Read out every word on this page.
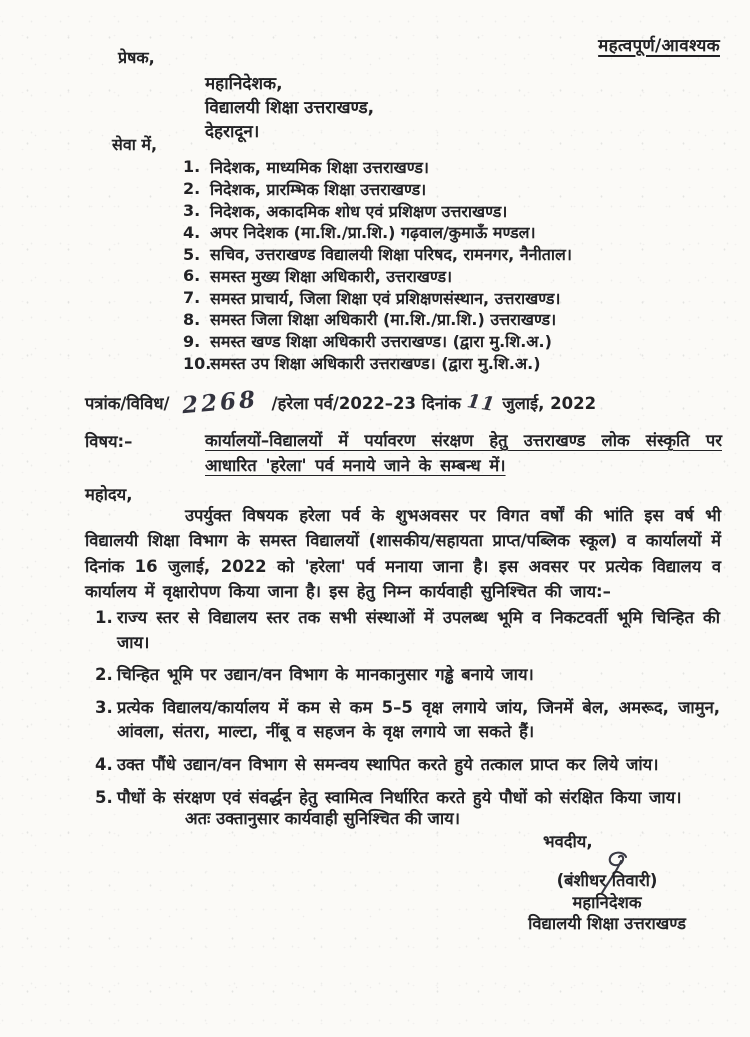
महत्वपूर्ण/आवश्यक
प्रेषक,
महानिदेशक,
विद्यालयी शिक्षा उत्तराखण्ड,
देहरादून।
सेवा में,
1. निदेशक, माध्यमिक शिक्षा उत्तराखण्ड।
2. निदेशक, प्रारम्भिक शिक्षा उत्तराखण्ड।
3. निदेशक, अकादमिक शोध एवं प्रशिक्षण उत्तराखण्ड।
4. अपर निदेशक (मा.शि./प्रा.शि.) गढ़वाल/कुमाऊँ मण्डल।
5. सचिव, उत्तराखण्ड विद्यालयी शिक्षा परिषद, रामनगर, नैनीताल।
6. समस्त मुख्य शिक्षा अधिकारी, उत्तराखण्ड।
7. समस्त प्राचार्य, जिला शिक्षा एवं प्रशिक्षणसंस्थान, उत्तराखण्ड।
8. समस्त जिला शिक्षा अधिकारी (मा.शि./प्रा.शि.) उत्तराखण्ड।
9. समस्त खण्ड शिक्षा अधिकारी उत्तराखण्ड। (द्वारा मु.शि.अ.)
10.
समस्त उप शिक्षा अधिकारी उत्तराखण्ड। (द्वारा मु.शि.अ.)
पत्रांक/विविध/ 2268 /हरेला पर्व/2022–23 दिनांक 11 जुलाई, 2022
विषय:–	कार्यालयों–विद्यालयों में पर्यावरण संरक्षण हेतु उत्तराखण्ड लोक संस्कृति पर
आधारित 'हरेला' पर्व मनाये जाने के सम्बन्ध में।
महोदय,
उपर्युक्त विषयक हरेला पर्व के शुभअवसर पर विगत वर्षों की भांति इस वर्ष भी विद्यालयी शिक्षा विभाग के समस्त विद्यालयों (शासकीय/सहायता प्राप्त/पब्लिक स्कूल) व कार्यालयों में दिनांक 16 जुलाई, 2022 को 'हरेला' पर्व मनाया जाना है। इस अवसर पर प्रत्येक विद्यालय व कार्यालय में वृक्षारोपण किया जाना है। इस हेतु निम्न कार्यवाही सुनिश्चित की जाय:–
1. राज्य स्तर से विद्यालय स्तर तक सभी संस्थाओं में उपलब्ध भूमि व निकटवर्ती भूमि चिन्हित की जाय।
2. चिन्हित भूमि पर उद्यान/वन विभाग के मानकानुसार गड्ढे बनाये जाय।
3. प्रत्येक विद्यालय/कार्यालय में कम से कम 5–5 वृक्ष लगाये जांय, जिनमें बेल, अमरूद, जामुन, आंवला, संतरा, माल्टा, नींबू व सहजन के वृक्ष लगाये जा सकते हैं।
4. उक्त पौंधे उद्यान/वन विभाग से समन्वय स्थापित करते हुये तत्काल प्राप्त कर लिये जांय।
5. पौधों के संरक्षण एवं संवर्द्धन हेतु स्वामित्व निर्धारित करते हुये पौधों को संरक्षित किया जाय।
अतः उक्तानुसार कार्यवाही सुनिश्चित की जाय।
भवदीय,
(बंशीधर तिवारी)
महानिदेशक
विद्यालयी शिक्षा उत्तराखण्ड
